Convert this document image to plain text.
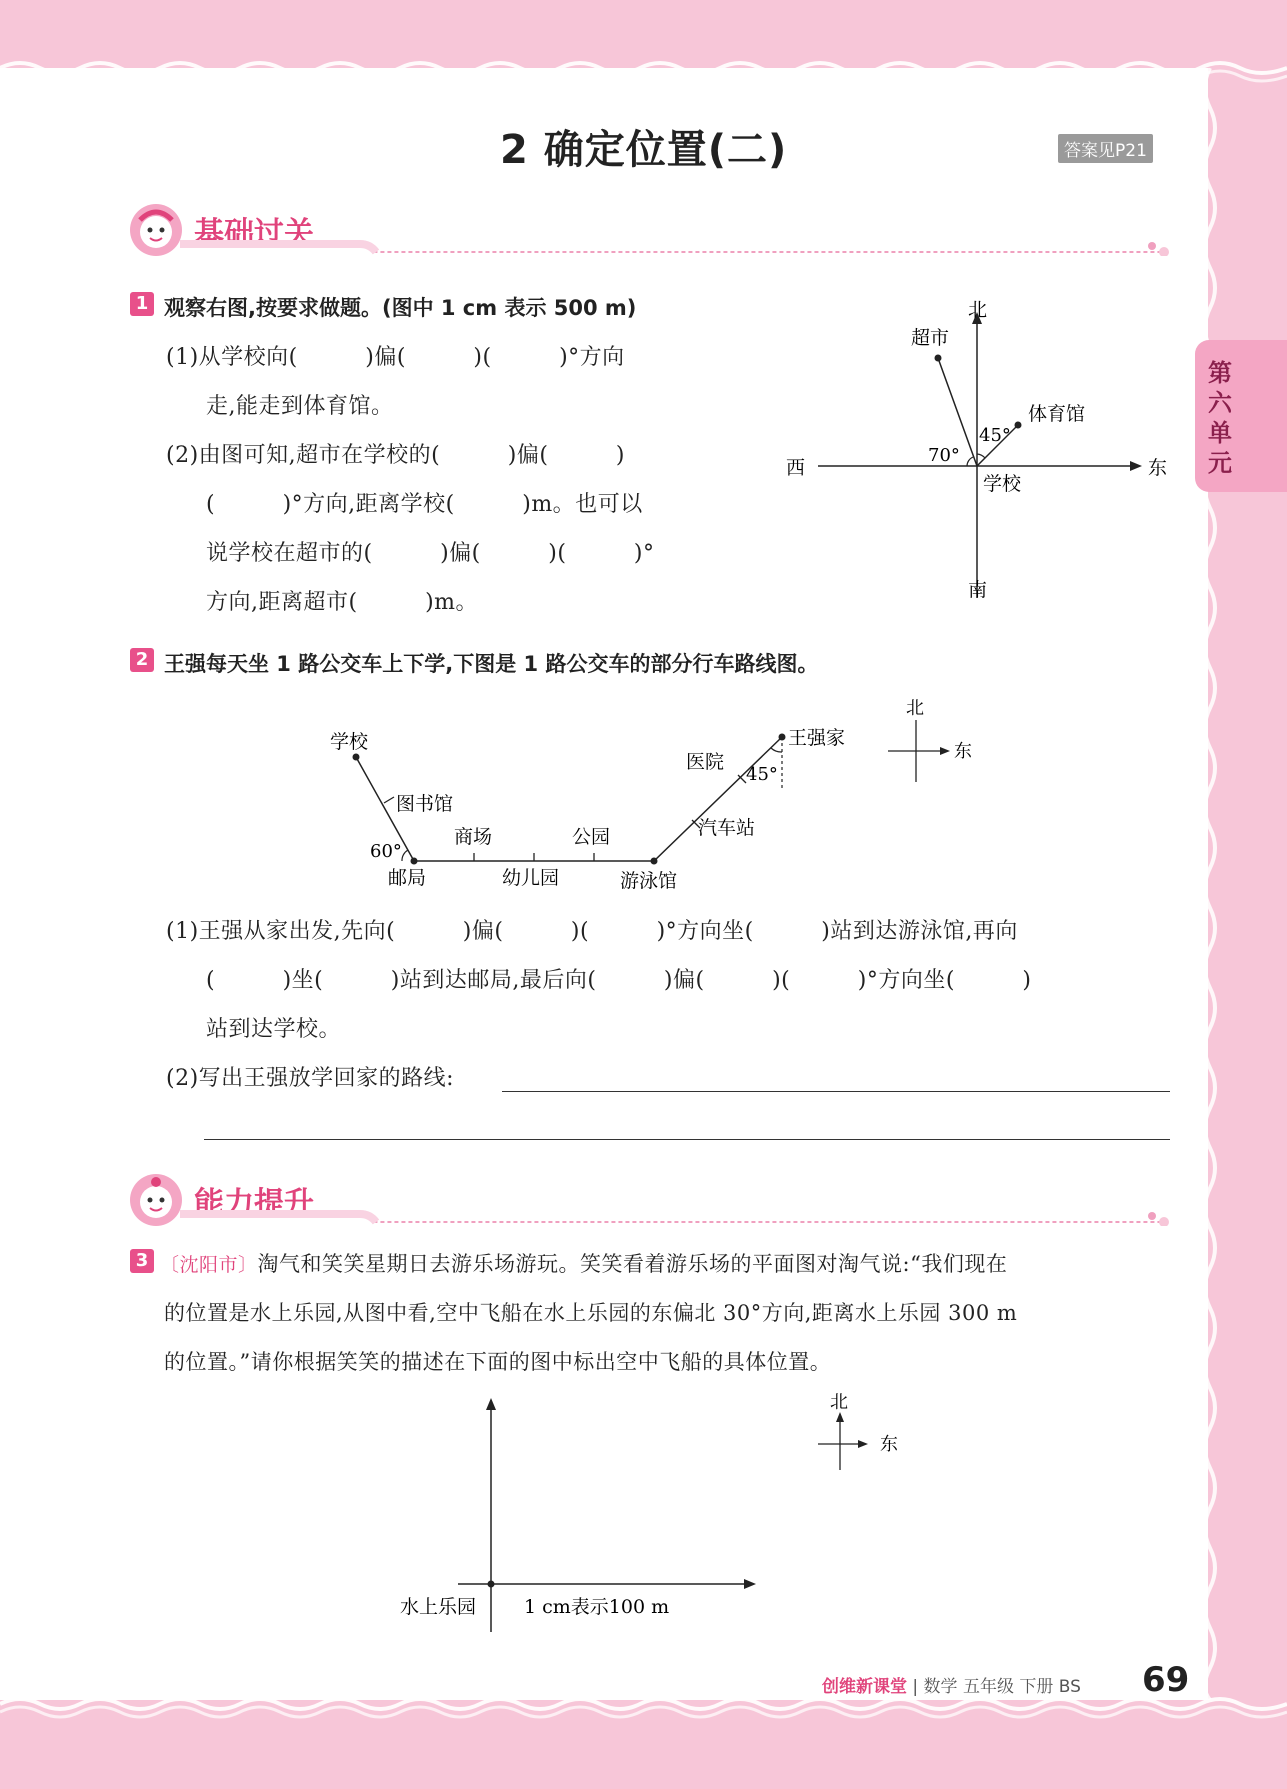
2 确定位置(二)	答案见P21
第六单元
基础过关
1 观察右图,按要求做题。(图中 1 cm 表示 500 m)
(1)从学校向(　　　)偏(　　　)(　　　)°方向
走,能走到体育馆。
(2)由图可知,超市在学校的(　　　)偏(　　　)
(　　　)°方向,距离学校(　　　)m。也可以
说学校在超市的(　　　)偏(　　　)(　　　)°
方向,距离超市(　　　)m。
北
南
西	东
超市
体育馆
学校
70°
45°
2 王强每天坐 1 路公交车上下学,下图是 1 路公交车的部分行车路线图。
北
东
学校
图书馆
60°
邮局
商场
幼儿园
公园
游泳馆
汽车站
医院
45°
王强家
(1)王强从家出发,先向(　　　)偏(　　　)(　　　)°方向坐(　　　)站到达游泳馆,再向
(　　　)坐(　　　)站到达邮局,最后向(　　　)偏(　　　)(　　　)°方向坐(　　　)
站到达学校。
(2)写出王强放学回家的路线:
能力提升
3 〔沈阳市〕淘气和笑笑星期日去游乐场游玩。笑笑看着游乐场的平面图对淘气说:“我们现在
的位置是水上乐园,从图中看,空中飞船在水上乐园的东偏北 30°方向,距离水上乐园 300 m
的位置。”请你根据笑笑的描述在下面的图中标出空中飞船的具体位置。
水上乐园	1 cm表示100 m
北
东
创维新课堂 | 数学 五年级 下册 BS 69
